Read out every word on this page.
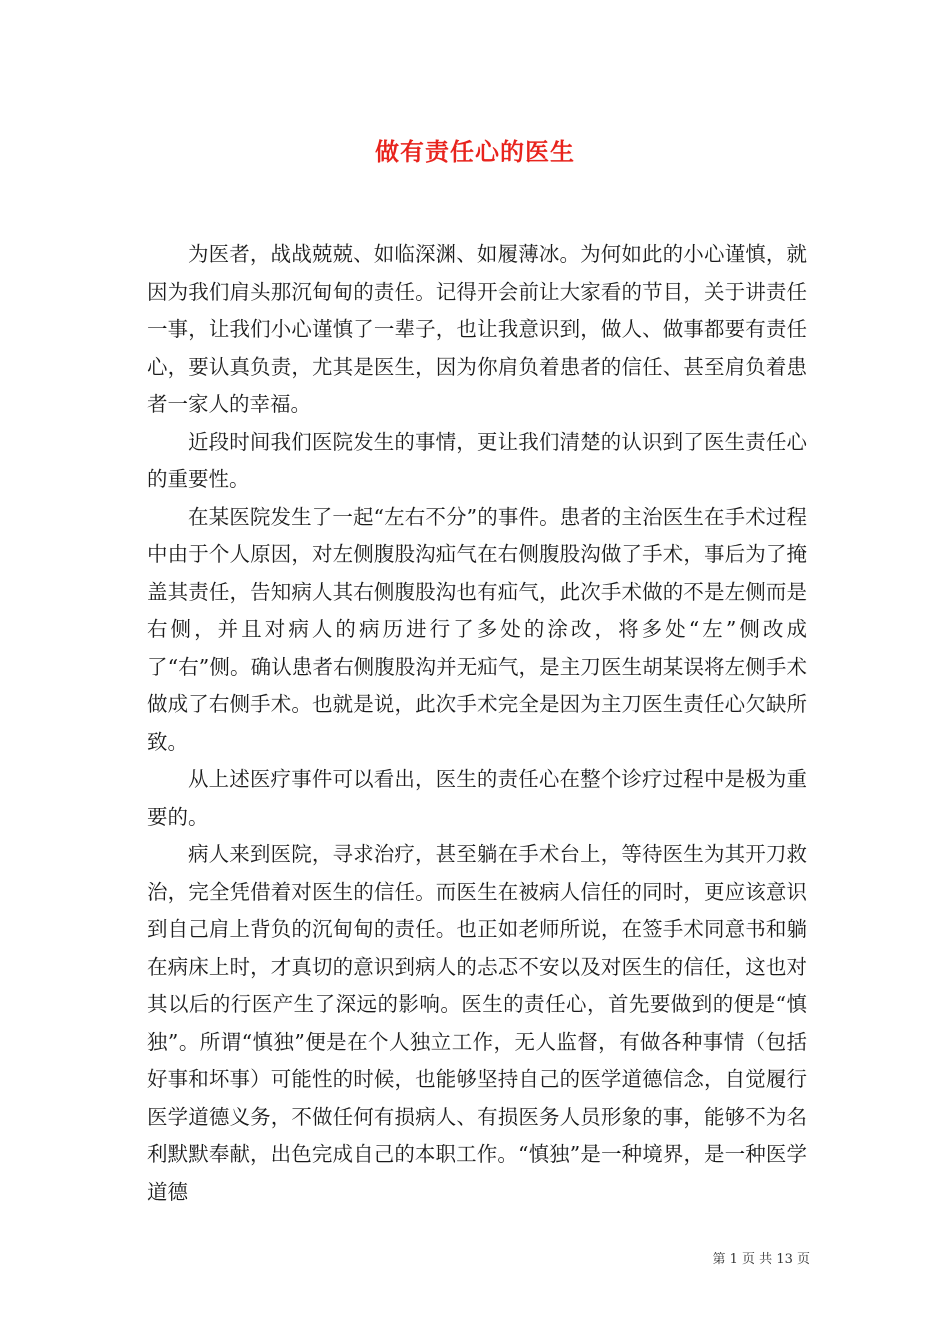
做有责任心的医生

为医者，战战兢兢、如临深渊、如履薄冰。为何如此的小心谨慎，就因为我们肩头那沉甸甸的责任。记得开会前让大家看的节目，关于讲责任一事，让我们小心谨慎了一辈子，也让我意识到，做人、做事都要有责任心，要认真负责，尤其是医生，因为你肩负着患者的信任、甚至肩负着患者一家人的幸福。

近段时间我们医院发生的事情，更让我们清楚的认识到了医生责任心的重要性。

在某医院发生了一起“左右不分”的事件。患者的主治医生在手术过程中由于个人原因，对左侧腹股沟疝气在右侧腹股沟做了手术，事后为了掩盖其责任，告知病人其右侧腹股沟也有疝气，此次手术做的不是左侧而是右侧，并且对病人的病历进行了多处的涂改，将多处“左”侧改成了“右”侧。确认患者右侧腹股沟并无疝气，是主刀医生胡某误将左侧手术做成了右侧手术。也就是说，此次手术完全是因为主刀医生责任心欠缺所致。

从上述医疗事件可以看出，医生的责任心在整个诊疗过程中是极为重要的。

病人来到医院，寻求治疗，甚至躺在手术台上，等待医生为其开刀救治，完全凭借着对医生的信任。而医生在被病人信任的同时，更应该意识到自己肩上背负的沉甸甸的责任。也正如老师所说，在签手术同意书和躺在病床上时，才真切的意识到病人的忐忑不安以及对医生的信任，这也对其以后的行医产生了深远的影响。医生的责任心，首先要做到的便是“慎独”。所谓“慎独”便是在个人独立工作，无人监督，有做各种事情（包括好事和坏事）可能性的时候，也能够坚持自己的医学道德信念，自觉履行医学道德义务，不做任何有损病人、有损医务人员形象的事，能够不为名利默默奉献，出色完成自己的本职工作。“慎独”是一种境界，是一种医学道德

第 1 页 共 13 页
